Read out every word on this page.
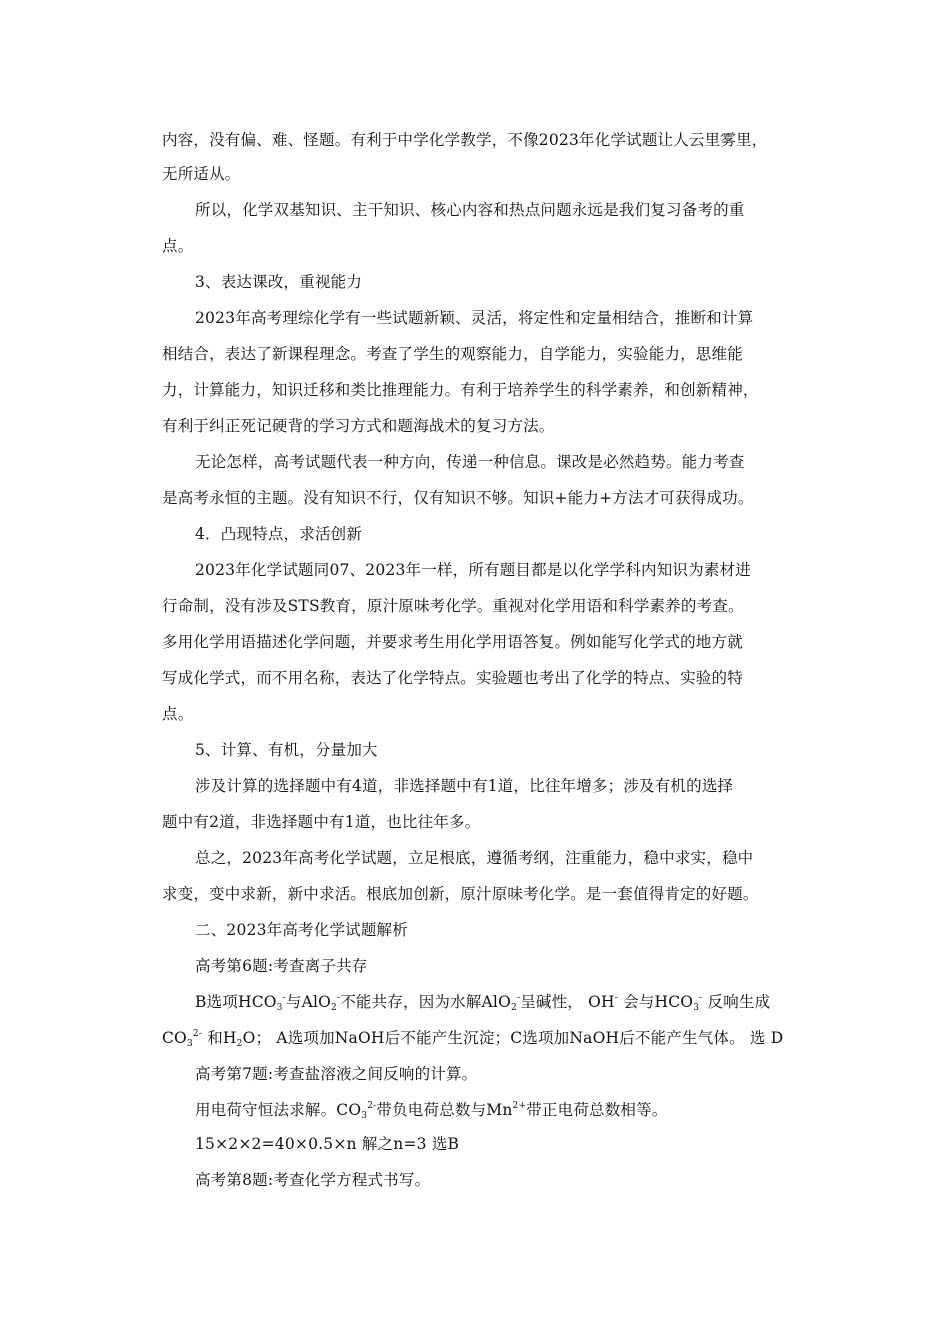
内容，没有偏、难、怪题。有利于中学化学教学，不像2023年化学试题让人云里雾里，
无所适从。
所以，化学双基知识、主干知识、核心内容和热点问题永远是我们复习备考的重
点。
3、表达课改，重视能力
2023年高考理综化学有一些试题新颖、灵活，将定性和定量相结合，推断和计算
相结合，表达了新课程理念。考查了学生的观察能力，自学能力，实验能力，思维能
力，计算能力，知识迁移和类比推理能力。有利于培养学生的科学素养，和创新精神，
有利于纠正死记硬背的学习方式和题海战术的复习方法。
无论怎样，高考试题代表一种方向，传递一种信息。课改是必然趋势。能力考查
是高考永恒的主题。没有知识不行，仅有知识不够。知识+能力+方法才可获得成功。
4．凸现特点，求活创新
2023年化学试题同07、2023年一样，所有题目都是以化学学科内知识为素材进
行命制，没有涉及STS教育，原汁原味考化学。重视对化学用语和科学素养的考查。
多用化学用语描述化学问题，并要求考生用化学用语答复。例如能写化学式的地方就
写成化学式，而不用名称，表达了化学特点。实验题也考出了化学的特点、实验的特
点。
5、计算、有机，分量加大
涉及计算的选择题中有4道，非选择题中有1道，比往年增多；涉及有机的选择
题中有2道，非选择题中有1道，也比往年多。
总之，2023年高考化学试题，立足根底，遵循考纲，注重能力，稳中求实，稳中
求变，变中求新，新中求活。根底加创新，原汁原味考化学。是一套值得肯定的好题。
二、2023年高考化学试题解析
高考第6题:考查离子共存
B选项$HCO_3^-$与AlO$_2$-不能共存，因为水解AlO$_2$-呈碱性， OH- 会与$HCO_3^-$ 反响生成
$CO_3^{2-}$ 和$H_2O$； A选项加NaOH后不能产生沉淀；C选项加NaOH后不能产生气体。 选 D
高考第7题:考查盐溶液之间反响的计算。
用电荷守恒法求解。$CO_3^{2-}$带负电荷总数与$Mn^{2+}$带正电荷总数相等。
15×2×2=40×0.5×n 解之n=3 选B
高考第8题:考查化学方程式书写。
